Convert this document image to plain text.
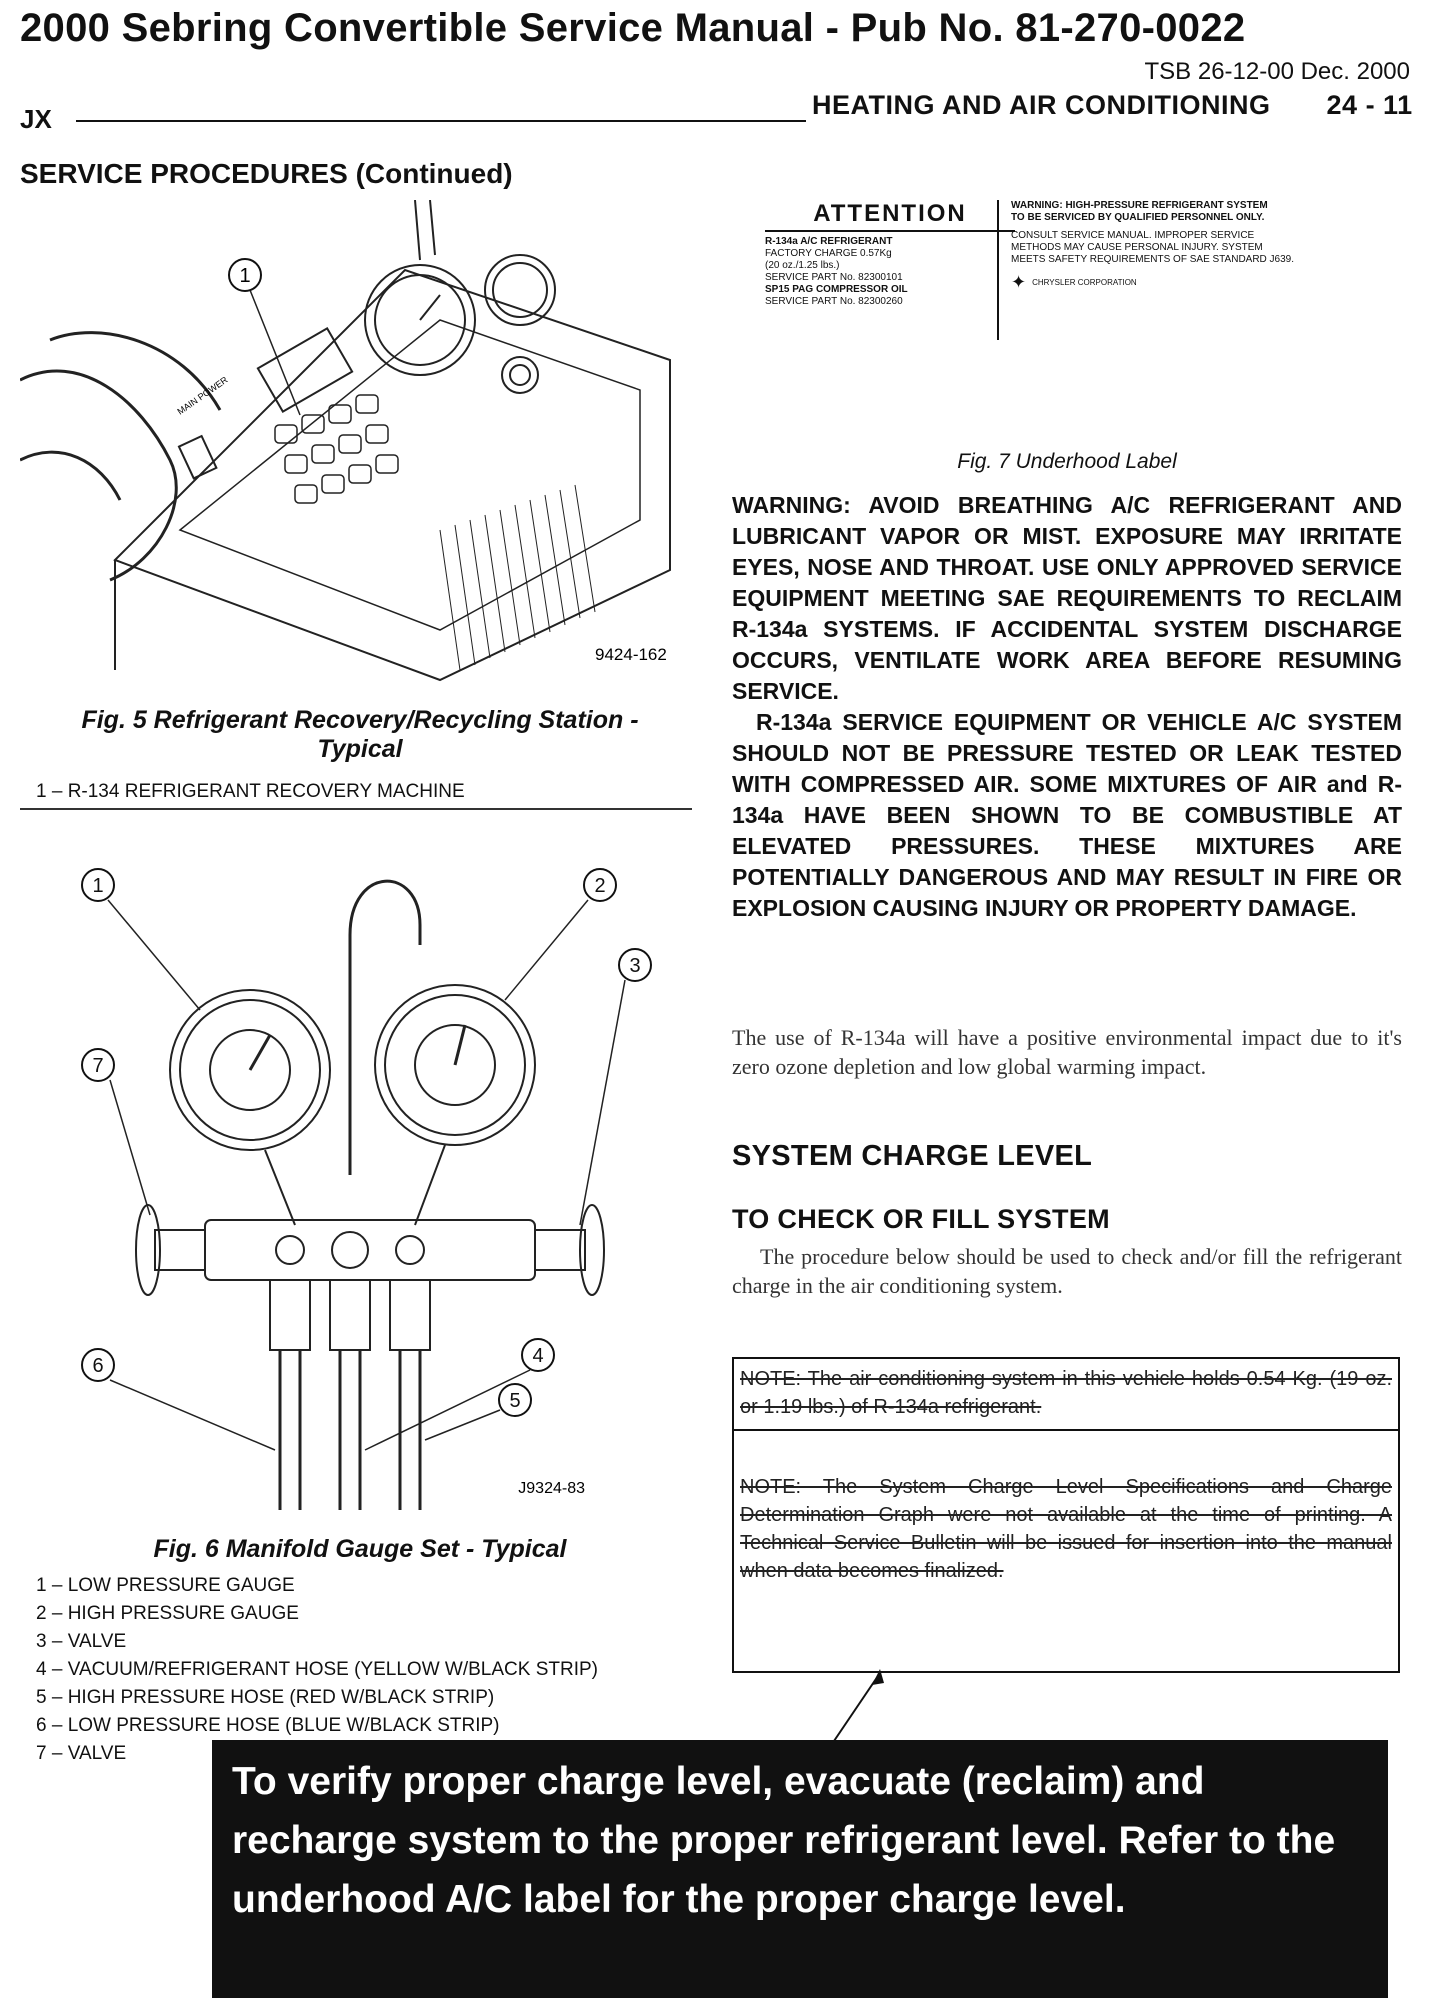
2000 Sebring Convertible Service Manual - Pub No. 81-270-0022
TSB 26-12-00 Dec. 2000
JX	HEATING AND AIR CONDITIONING 24 - 11
SERVICE PROCEDURES (Continued)
1
MAIN POWER
9424-162
Fig. 5 Refrigerant Recovery/Recycling Station -
Typical
1 – R-134 REFRIGERANT RECOVERY MACHINE
1	2
3
4
5
6
7
J9324-83
Fig. 6 Manifold Gauge Set - Typical
1 – LOW PRESSURE GAUGE
2 – HIGH PRESSURE GAUGE
3 – VALVE
4 – VACUUM/REFRIGERANT HOSE (YELLOW W/BLACK STRIP)
5 – HIGH PRESSURE HOSE (RED W/BLACK STRIP)
6 – LOW PRESSURE HOSE (BLUE W/BLACK STRIP)
7 – VALVE
ATTENTION
R-134a A/C REFRIGERANT
FACTORY CHARGE 0.57Kg
(20 oz./1.25 lbs.)
SERVICE PART No. 82300101
SP15 PAG COMPRESSOR OIL
SERVICE PART No. 82300260
WARNING: HIGH-PRESSURE REFRIGERANT SYSTEM
TO BE SERVICED BY QUALIFIED PERSONNEL ONLY.
CONSULT SERVICE MANUAL. IMPROPER SERVICE
METHODS MAY CAUSE PERSONAL INJURY. SYSTEM
MEETS SAFETY REQUIREMENTS OF SAE STANDARD J639.
✦ CHRYSLER CORPORATION
Fig. 7 Underhood Label

WARNING: AVOID BREATHING A/C REFRIGERANT AND LUBRICANT VAPOR OR MIST. EXPOSURE MAY IRRITATE EYES, NOSE AND THROAT. USE ONLY APPROVED SERVICE EQUIPMENT MEETING SAE REQUIREMENTS TO RECLAIM R-134a SYSTEMS. IF ACCIDENTAL SYSTEM DISCHARGE OCCURS, VENTILATE WORK AREA BEFORE RESUMING SERVICE.

R-134a SERVICE EQUIPMENT OR VEHICLE A/C SYSTEM SHOULD NOT BE PRESSURE TESTED OR LEAK TESTED WITH COMPRESSED AIR. SOME MIXTURES OF AIR and R-134a HAVE BEEN SHOWN TO BE COMBUSTIBLE AT ELEVATED PRESSURES. THESE MIXTURES ARE POTENTIALLY DANGEROUS AND MAY RESULT IN FIRE OR EXPLOSION CAUSING INJURY OR PROPERTY DAMAGE.

The use of R-134a will have a positive environmental impact due to it's zero ozone depletion and low global warming impact.
SYSTEM CHARGE LEVEL
TO CHECK OR FILL SYSTEM
The procedure below should be used to check and/or fill the refrigerant charge in the air conditioning system.
NOTE: The air conditioning system in this vehicle holds 0.54 Kg. (19 oz. or 1.19 lbs.) of R-134a refrigerant.
NOTE: The System Charge Level Specifications and Charge Determination Graph were not available at the time of printing. A Technical Service Bulletin will be issued for insertion into the manual when data becomes finalized.
To verify proper charge level, evacuate (reclaim) and recharge system to the proper refrigerant level. Refer to the underhood A/C label for the proper charge level.
